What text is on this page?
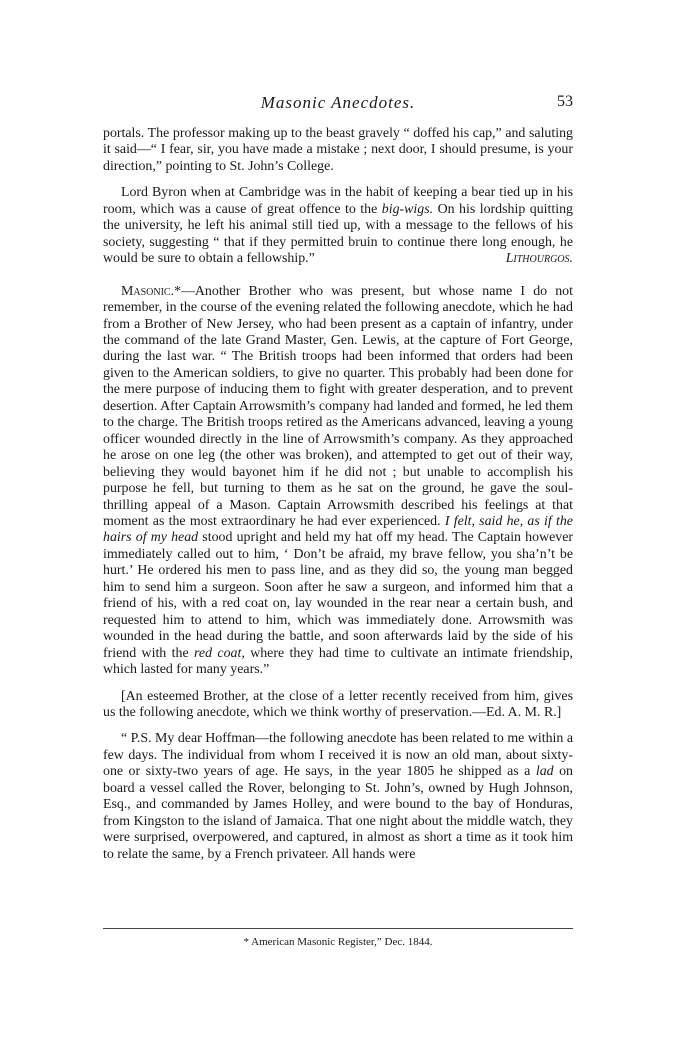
Masonic Anecdotes.	53

portals. The professor making up to the beast gravely “ doffed his cap,” and saluting it said—“ I fear, sir, you have made a mistake ; next door, I should presume, is your direction,” pointing to St. John’s College.

Lord Byron when at Cambridge was in the habit of keeping a bear tied up in his room, which was a cause of great offence to the big-wigs. On his lordship quitting the university, he left his animal still tied up, with a message to the fellows of his society, suggesting “ that if they permitted bruin to continue there long enough, he would be sure to obtain a fellowship.”	Lithourgos.

Masonic.*—Another Brother who was present, but whose name I do not remember, in the course of the evening related the following anecdote, which he had from a Brother of New Jersey, who had been present as a captain of infantry, under the command of the late Grand Master, Gen. Lewis, at the capture of Fort George, during the last war. “ The British troops had been informed that orders had been given to the American soldiers, to give no quarter. This probably had been done for the mere purpose of inducing them to fight with greater desperation, and to prevent desertion. After Captain Arrowsmith’s company had landed and formed, he led them to the charge. The British troops retired as the Americans advanced, leaving a young officer wounded directly in the line of Arrowsmith’s company. As they approached he arose on one leg (the other was broken), and attempted to get out of their way, believing they would bayonet him if he did not ; but unable to accomplish his purpose he fell, but turning to them as he sat on the ground, he gave the soul-thrilling appeal of a Mason. Captain Arrowsmith described his feelings at that moment as the most extraordinary he had ever experienced. I felt, said he, as if the hairs of my head stood upright and held my hat off my head. The Captain however immediately called out to him, ‘ Don’t be afraid, my brave fellow, you sha’n’t be hurt.’ He ordered his men to pass line, and as they did so, the young man begged him to send him a surgeon. Soon after he saw a surgeon, and informed him that a friend of his, with a red coat on, lay wounded in the rear near a certain bush, and requested him to attend to him, which was immediately done. Arrowsmith was wounded in the head during the battle, and soon afterwards laid by the side of his friend with the red coat, where they had time to cultivate an intimate friendship, which lasted for many years.”

[An esteemed Brother, at the close of a letter recently received from him, gives us the following anecdote, which we think worthy of preservation.—Ed. A. M. R.]

“ P.S. My dear Hoffman—the following anecdote has been related to me within a few days. The individual from whom I received it is now an old man, about sixty-one or sixty-two years of age. He says, in the year 1805 he shipped as a lad on board a vessel called the Rover, belonging to St. John’s, owned by Hugh Johnson, Esq., and commanded by James Holley, and were bound to the bay of Honduras, from Kingston to the island of Jamaica. That one night about the middle watch, they were surprised, overpowered, and captured, in almost as short a time as it took him to relate the same, by a French privateer. All hands were

* American Masonic Register,” Dec. 1844.
